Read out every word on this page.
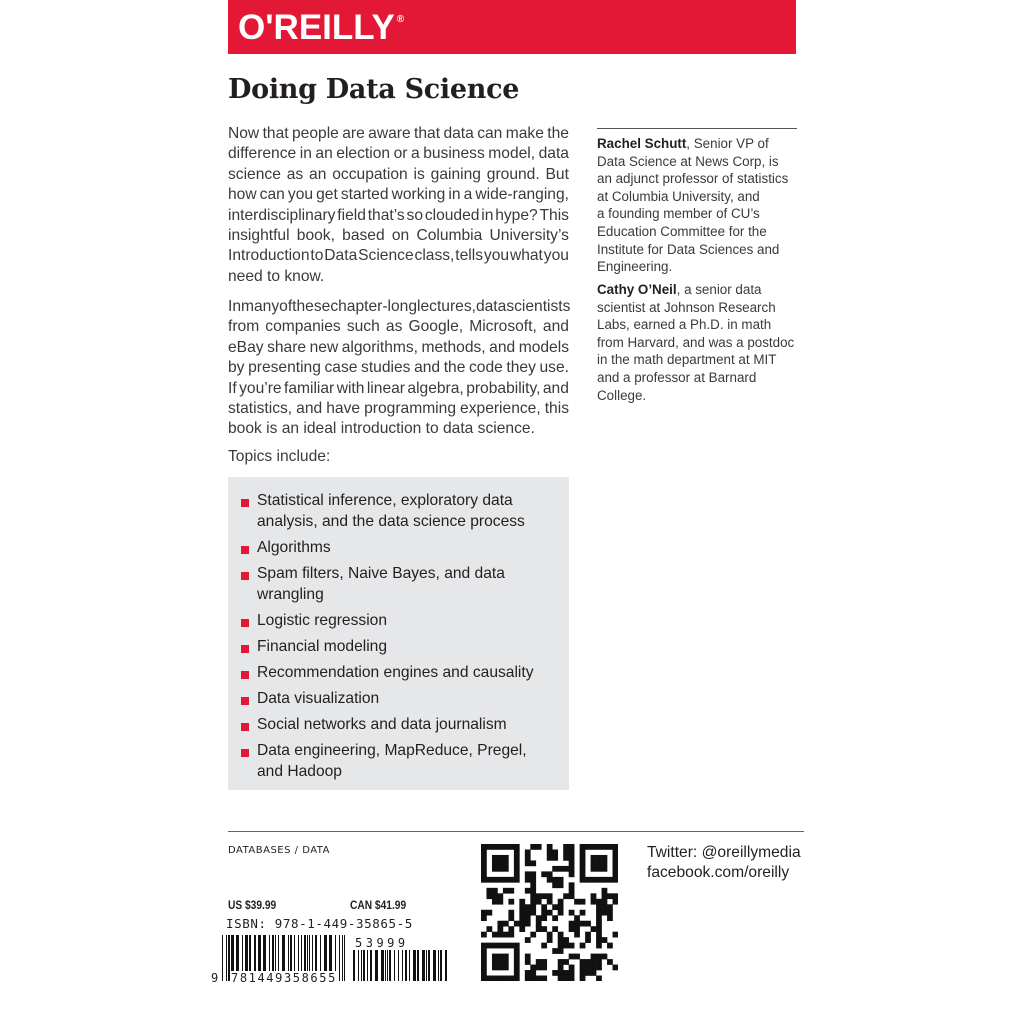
O'REILLY ®
Doing Data Science
Now that people are aware that data can make the
difference in an election or a business model, data
science as an occupation is gaining ground. But
how can you get started working in a wide-ranging,
interdisciplinary field that’s so clouded in hype? This
insightful book, based on Columbia University’s
Introduction to Data Science class, tells you what you
need to know.
In many of these chapter-long lectures, data scientists
from companies such as Google, Microsoft, and
eBay share new algorithms, methods, and models
by presenting case studies and the code they use.
If you’re familiar with linear algebra, probability, and
statistics, and have programming experience, this
book is an ideal introduction to data science.
Topics include:
Statistical inference, exploratory data
analysis, and the data science process
Algorithms
Spam filters, Naive Bayes, and data
wrangling
Logistic regression
Financial modeling
Recommendation engines and causality
Data visualization
Social networks and data journalism
Data engineering, MapReduce, Pregel,
and Hadoop
Rachel Schutt, Senior VP of
Data Science at News Corp, is
an adjunct professor of statistics
at Columbia University, and
a founding member of CU’s
Education Committee for the
Institute for Data Sciences and
Engineering.
Cathy O’Neil, a senior data
scientist at Johnson Research
Labs, earned a Ph.D. in math
from Harvard, and was a postdoc
in the math department at MIT
and a professor at Barnard
College.
DATABASES / DATA
US $39.99	CAN $41.99
ISBN: 978-1-449-35865-5
53999
9 781449358655
Twitter: @oreillymedia
facebook.com/oreilly
